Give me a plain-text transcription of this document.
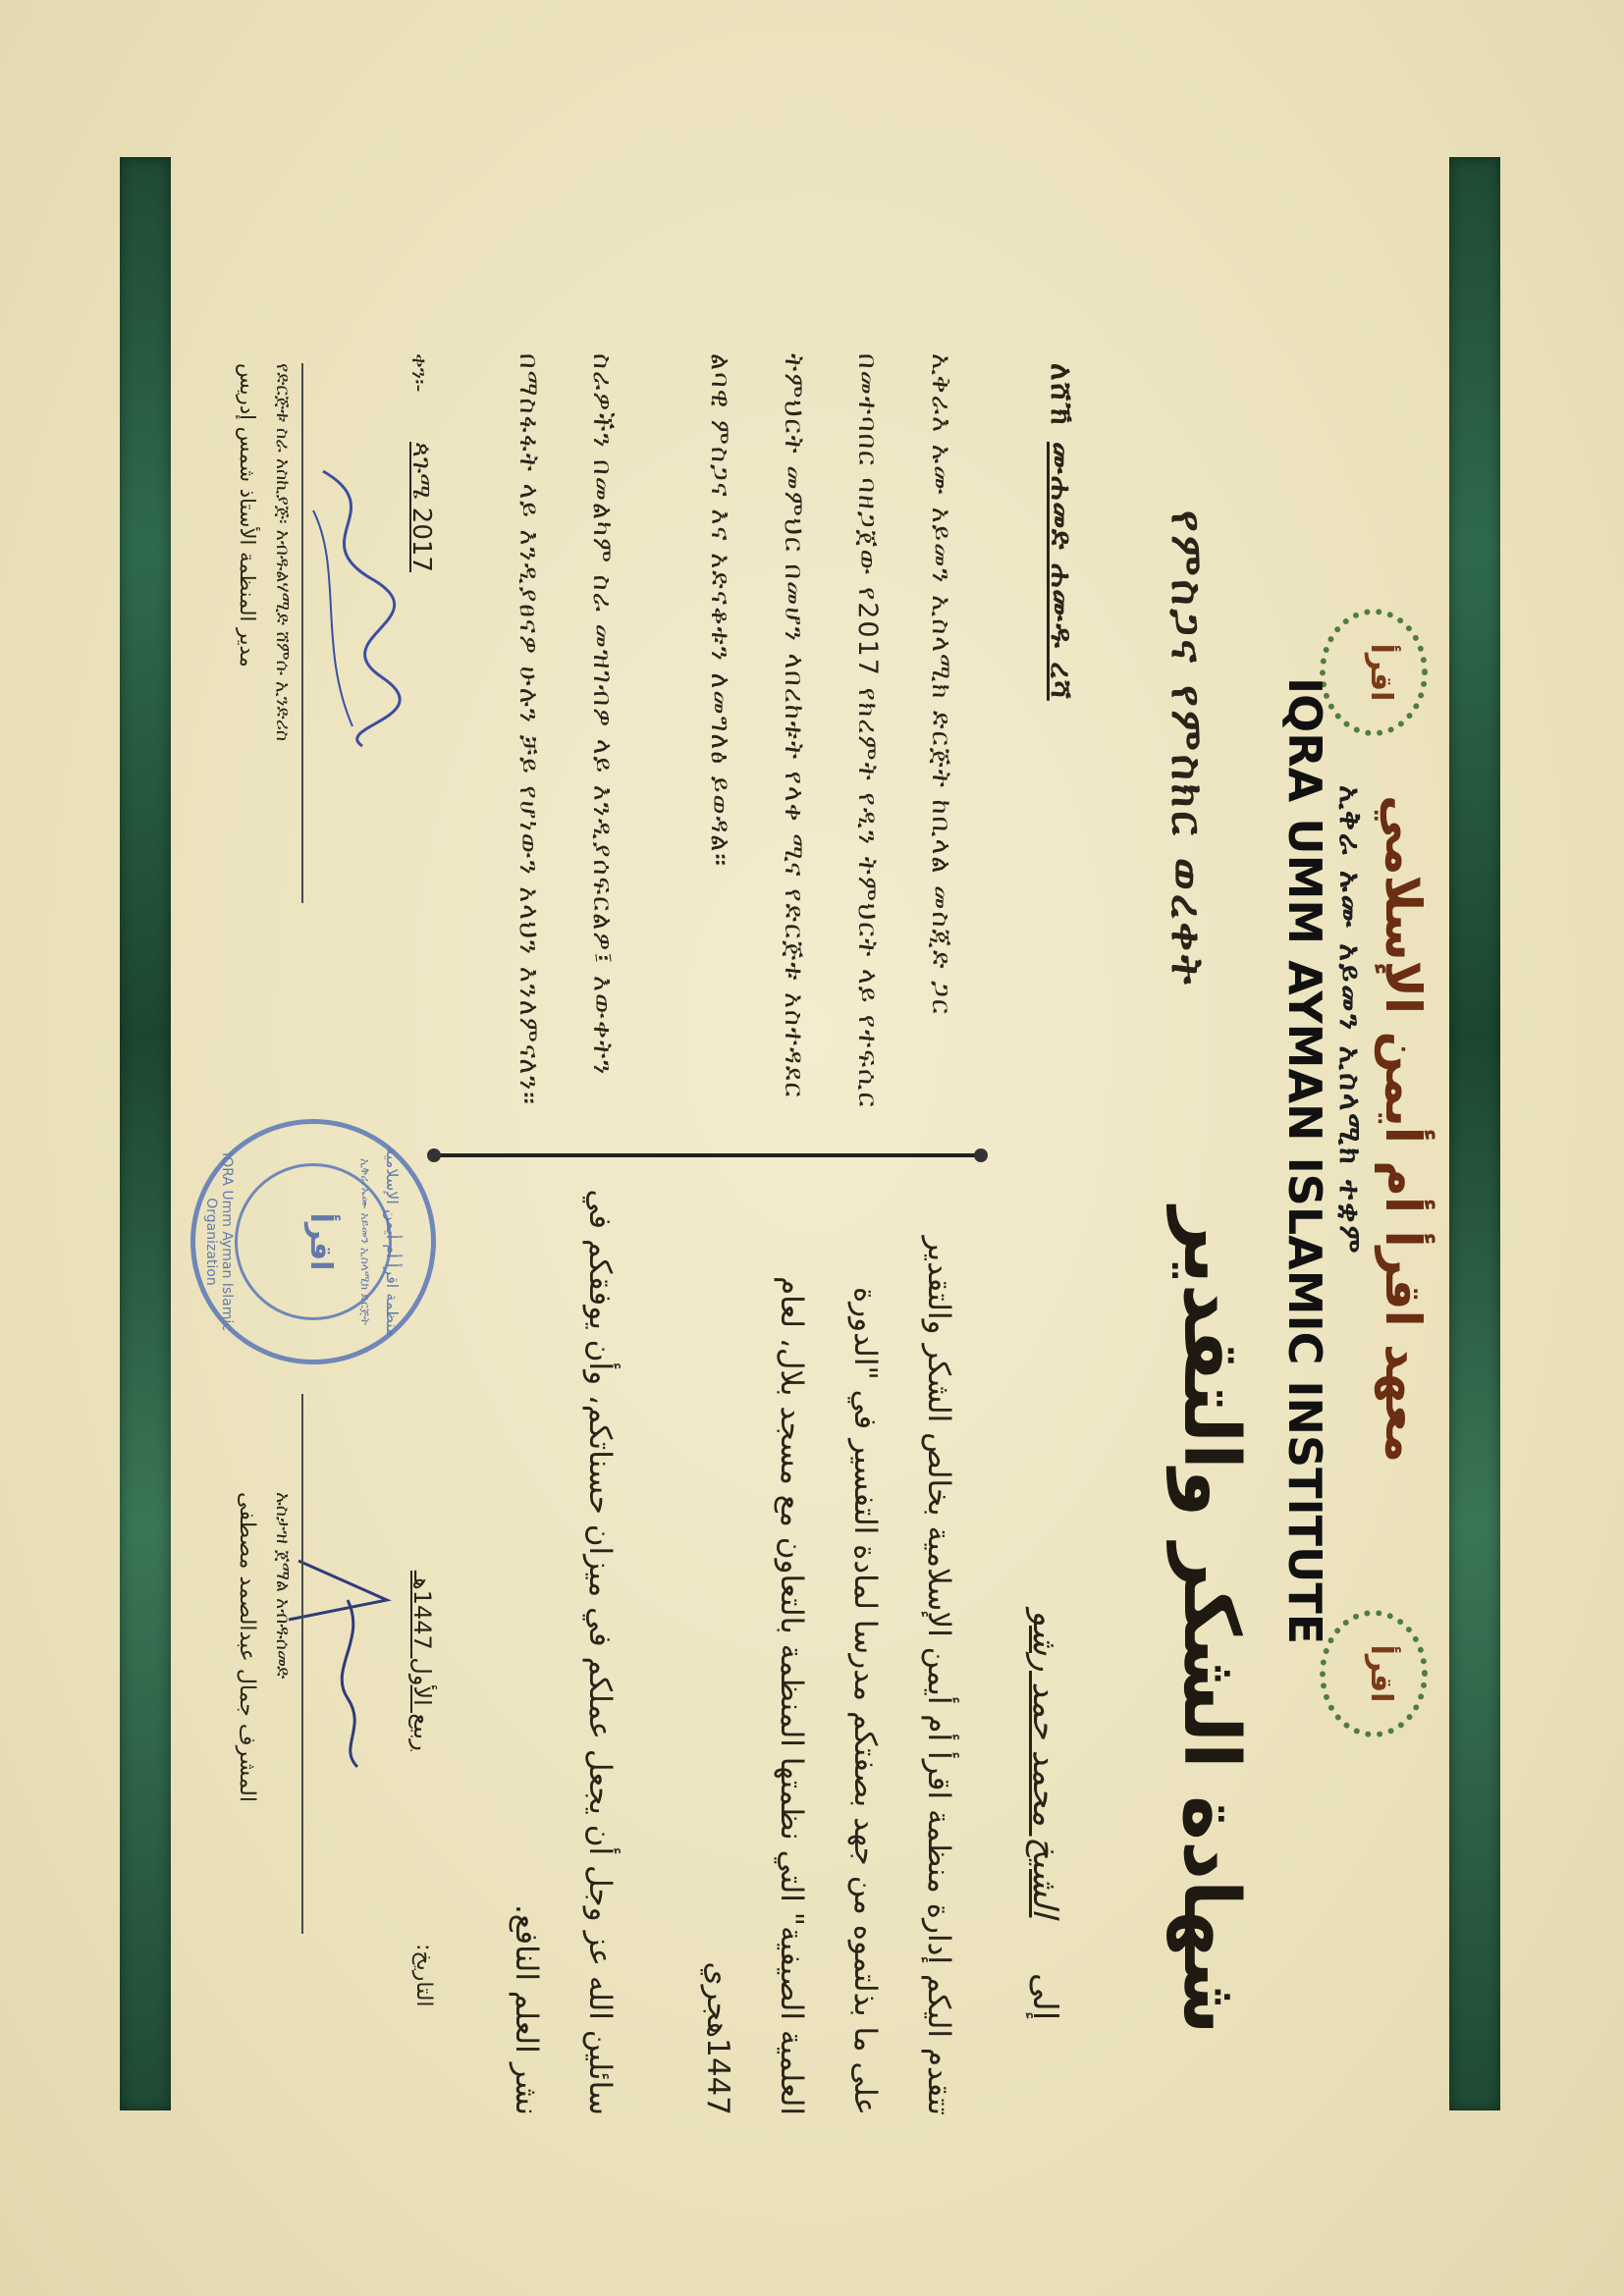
اقرأ
معهد اقرأ أم أيمن الإسلامي
ኢቅራ ኡሙ አይመን ኢስላሚክ ተቋም
IQRA UMM AYMAN ISLAMIC INSTITUTE
اقرأ
የምስጋና የምስክር ወረቀት
شهادة الشكر والتقدير
ለሸኽ
ሙሐመድ ሐሙዱ ረሻ
الشيخ محمد حمد رشو
إلى
ኢቅራእ ኡሙ አይመን ኢስላሚክ ድርጅት ከቢላል መስጂድ ጋር
በመተባበር ባዘጋጀው የ2017 የክረምት የዲን ትምህርት ላይ የተፍሲር
ትምህርት መምህር በመሆን ላበረከቱት የላቀ ሚና የድርጅቱ አስተዳደር
ልባዊ ምስጋና እና አድናቆቱን ለመግለፅ ይወዳል።
ስራዎችን በመልካም ስራ መዝገብዎ ላይ እንዲያሰፍርልዎ፤ እውቀትን
በማስፋፋት ላይ እንዲያፀናዎ ሁሉን ቻይ የሆነውን አላህን እንለምናለን።
تتقدم اليكم إدارة منظمة اقرأ أم أيمن الإسلامية بخالص الشكر والتقدير
على ما بذلتموه من جهد بصفتكم مدرسا لمادة التفسير في "الدورة
العلمية الصيفية" التي نظمتها المنظمة بالتعاون مع مسجد بلال، لعام
1447هجري
سائلين الله عز وجل أن يجعل عملكم في ميزان حسناتكم، وأن يوفقكم في
نشر العلم النافع.
ቀን፡-
ጳጉሜ 2017
ربيع الأول 1447هـ
التاريخ:
የድርጅቱ ስራ አስኪያጅ፡ አብዱልሃሚድ ሸምሱ ኢንድሪስ
مدير المنظمة الأستاذ شمس إدريس
منظمة اقرأ أم أيمن الإسلامية
ኢቅራ ኡሙ አይመን ኢስላሚክ ድርጅት
اقرأ
IQRA Umm Ayman Islamic Organization
ኡስታዝ ጀማል አብዱሰመድ
المشرف جمال عبدالصمد مصطفى
